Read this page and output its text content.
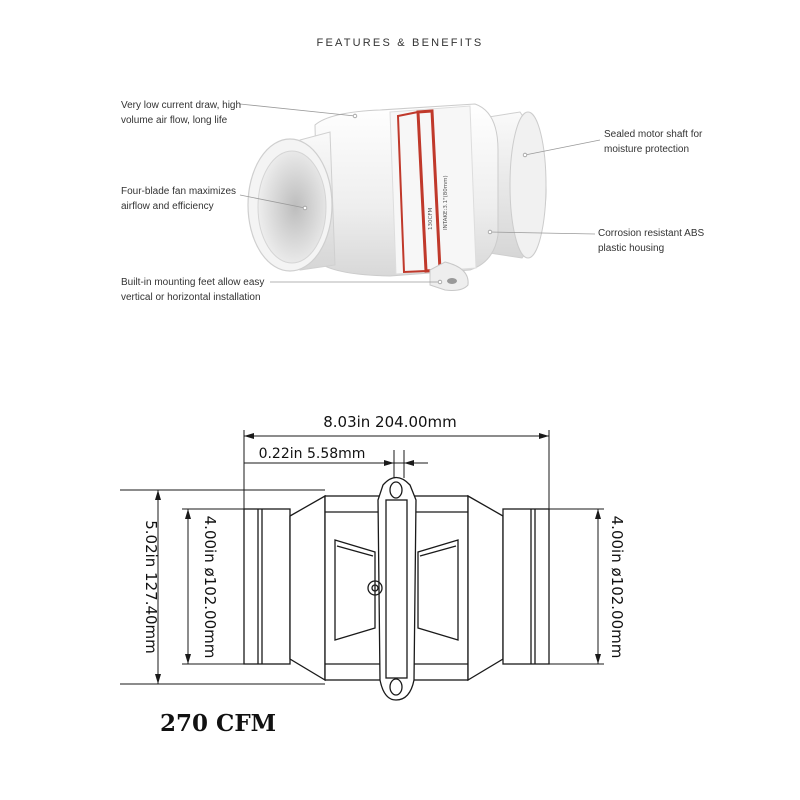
FEATURES & BENEFITS
130CFM INTAKE:3.1"(80mm)
Very low current draw, high
volume air flow, long life
Four-blade fan maximizes
airflow and efficiency
Built-in mounting feet allow easy
vertical or horizontal installation
Sealed motor shaft for
moisture protection
Corrosion resistant ABS
plastic housing
8.03in 204.00mm
0.22in 5.58mm
5.02in 127.40mm	4.00in ø102.00mm	4.00in ø102.00mm
270 CFM
